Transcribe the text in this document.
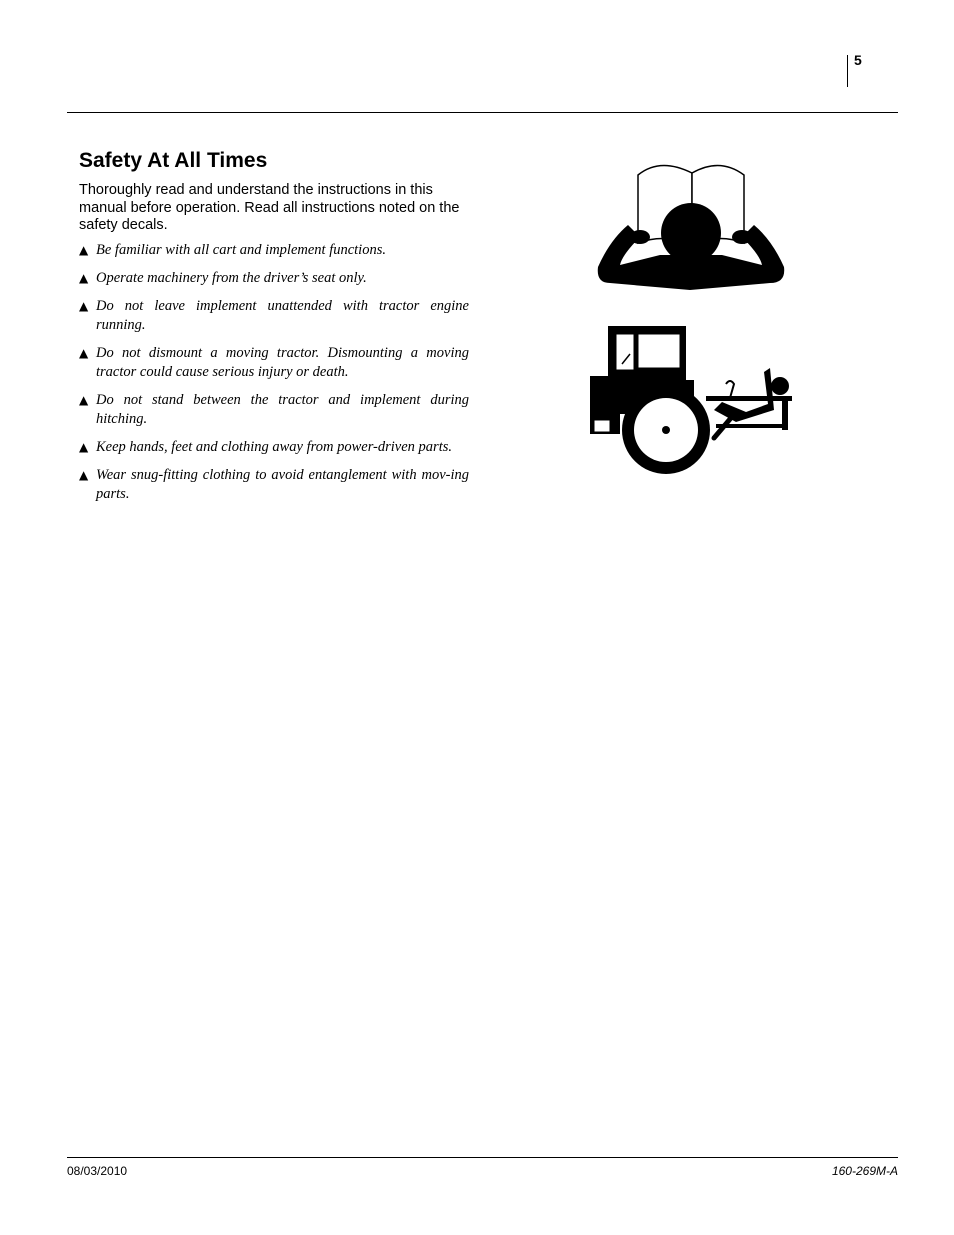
5
Safety At All Times

Thoroughly read and understand the instructions in this manual before operation. Read all instructions noted on the safety decals.

▲ Be familiar with all cart and implement functions.
▲ Operate machinery from the driver’s seat only.
▲ Do not leave implement unattended with tractor engine running.
▲ Do not dismount a moving tractor. Dismounting a moving tractor could cause serious injury or death.
▲ Do not stand between the tractor and implement during hitching.
▲ Keep hands, feet and clothing away from power-driven parts.
▲ Wear snug-fitting clothing to avoid entanglement with mov-ing parts.
08/03/2010	160-269M-A
